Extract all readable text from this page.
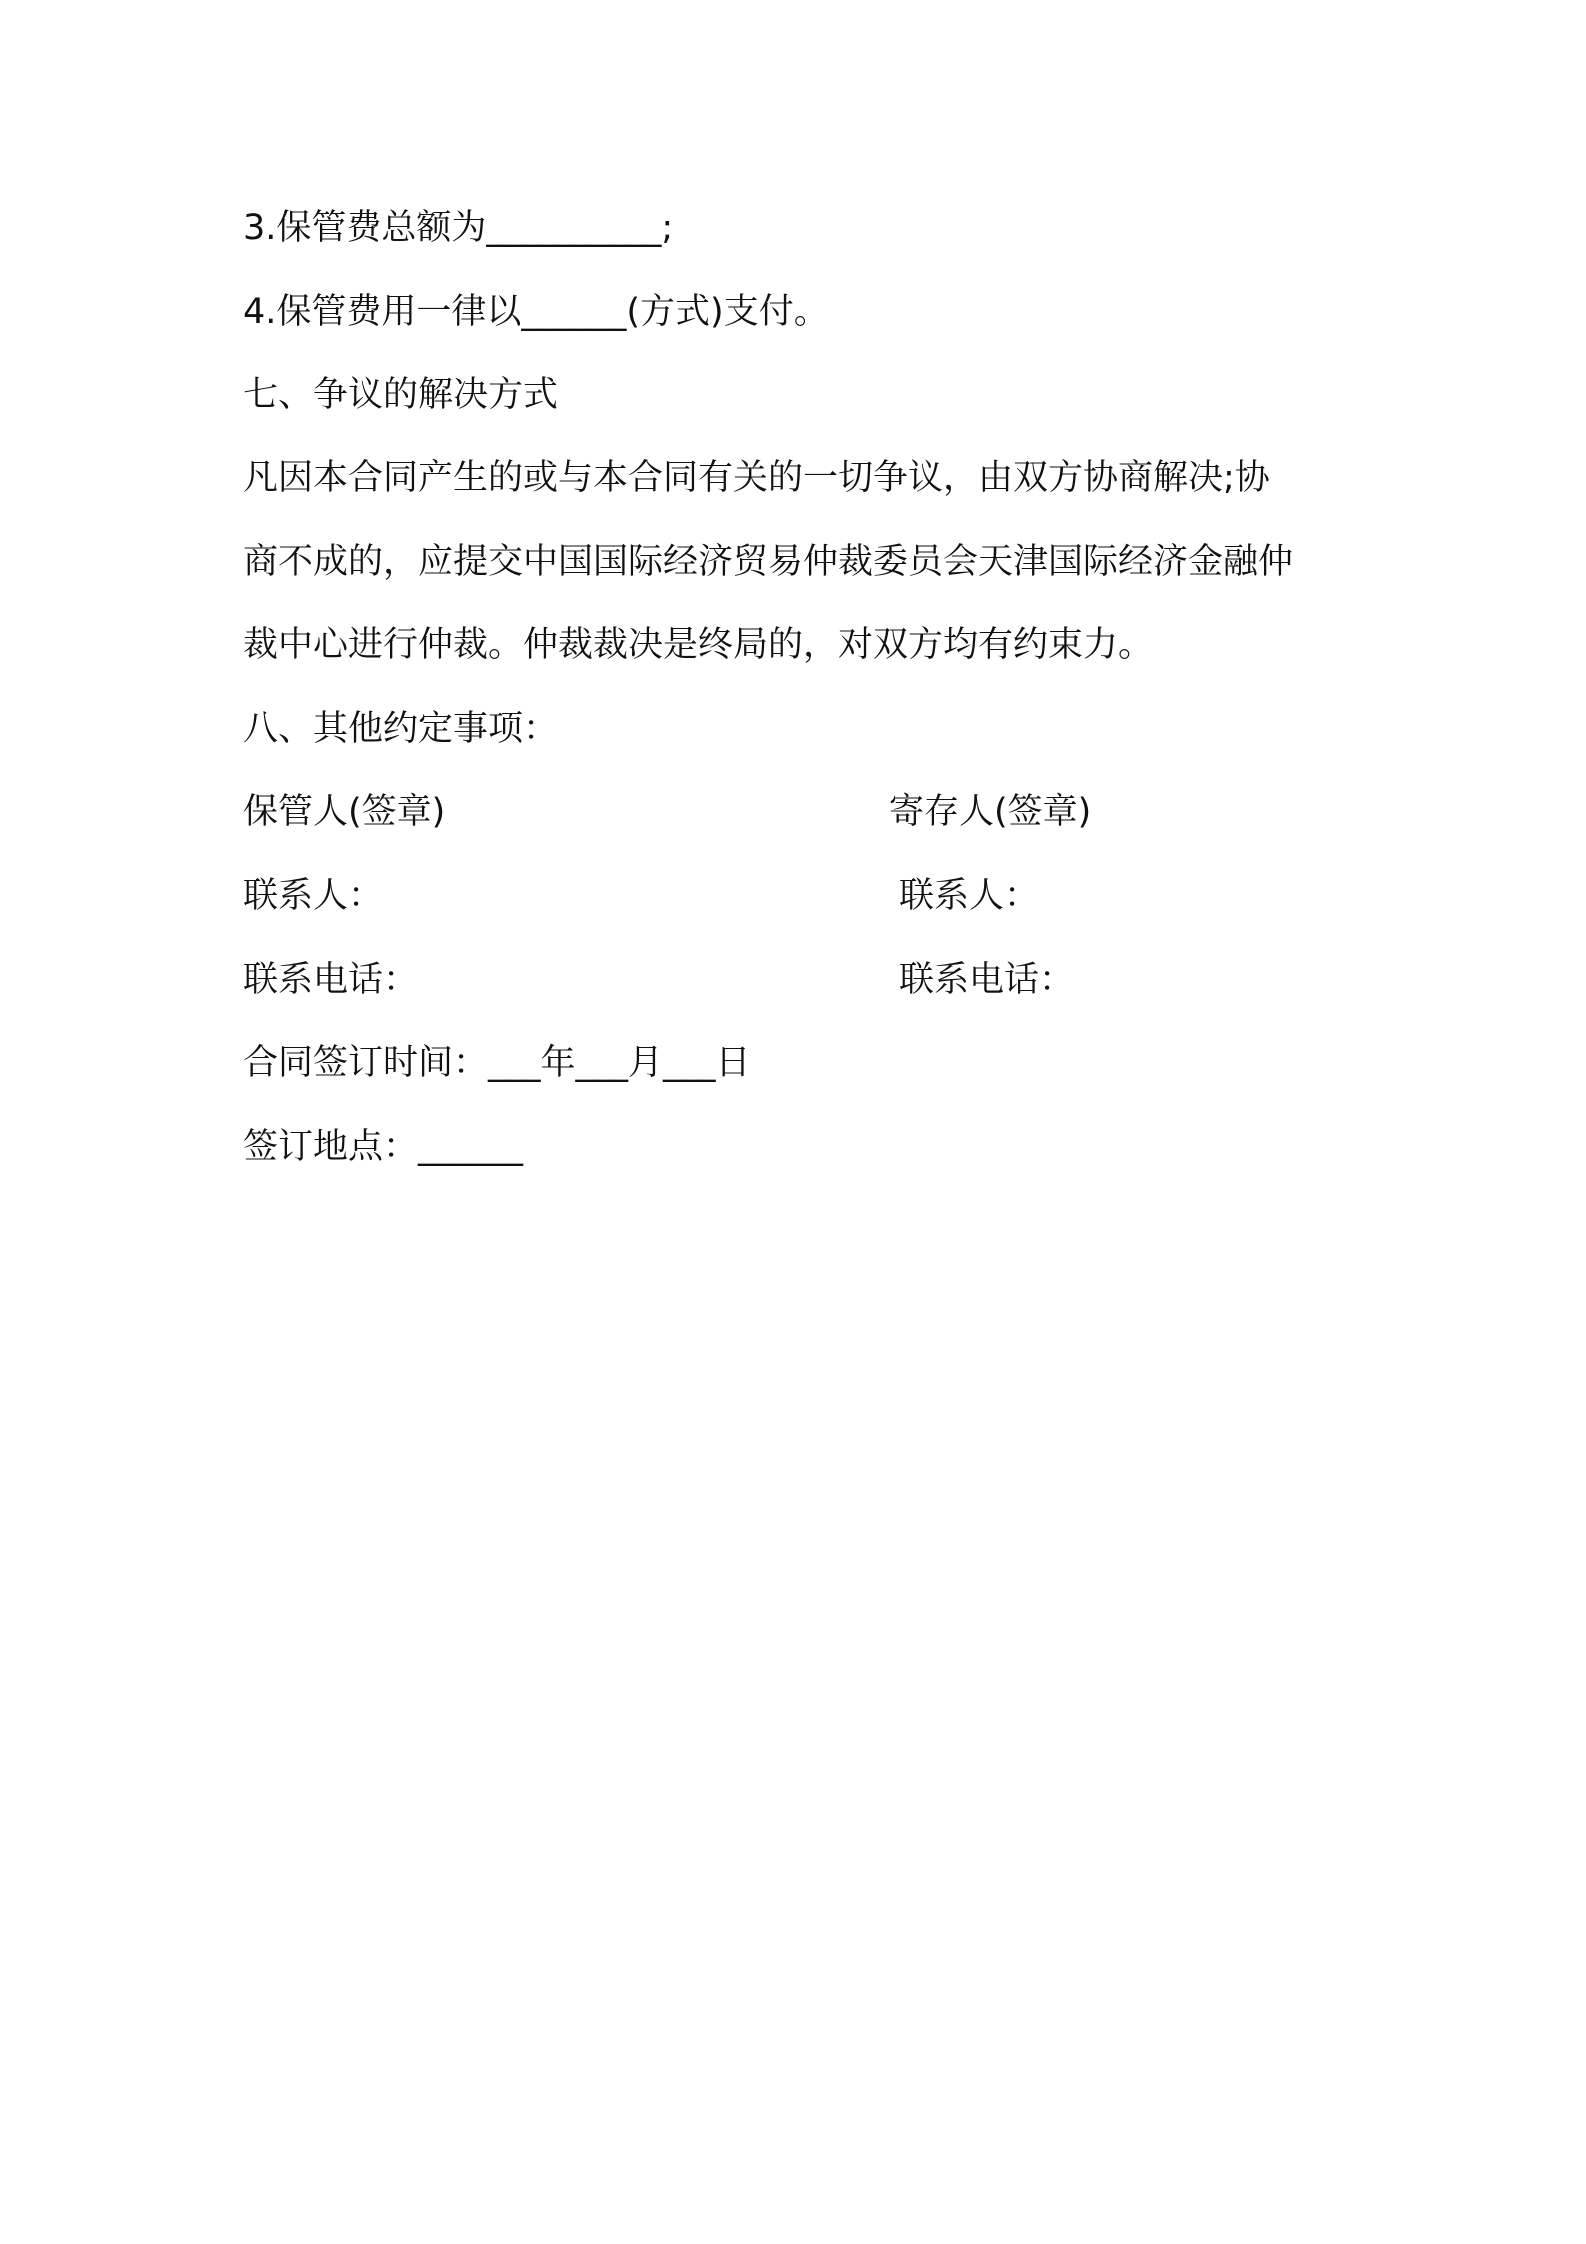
3.保管费总额为__________;
4.保管费用一律以______(方式)支付。
七、争议的解决方式
凡因本合同产生的或与本合同有关的一切争议，由双方协商解决;协
商不成的，应提交中国国际经济贸易仲裁委员会天津国际经济金融仲
裁中心进行仲裁。仲裁裁决是终局的，对双方均有约束力。
八、其他约定事项：
保管人(签章)	寄存人(签章)
联系人：	联系人：
联系电话：	联系电话：
合同签订时间：___年___月___日
签订地点：______
